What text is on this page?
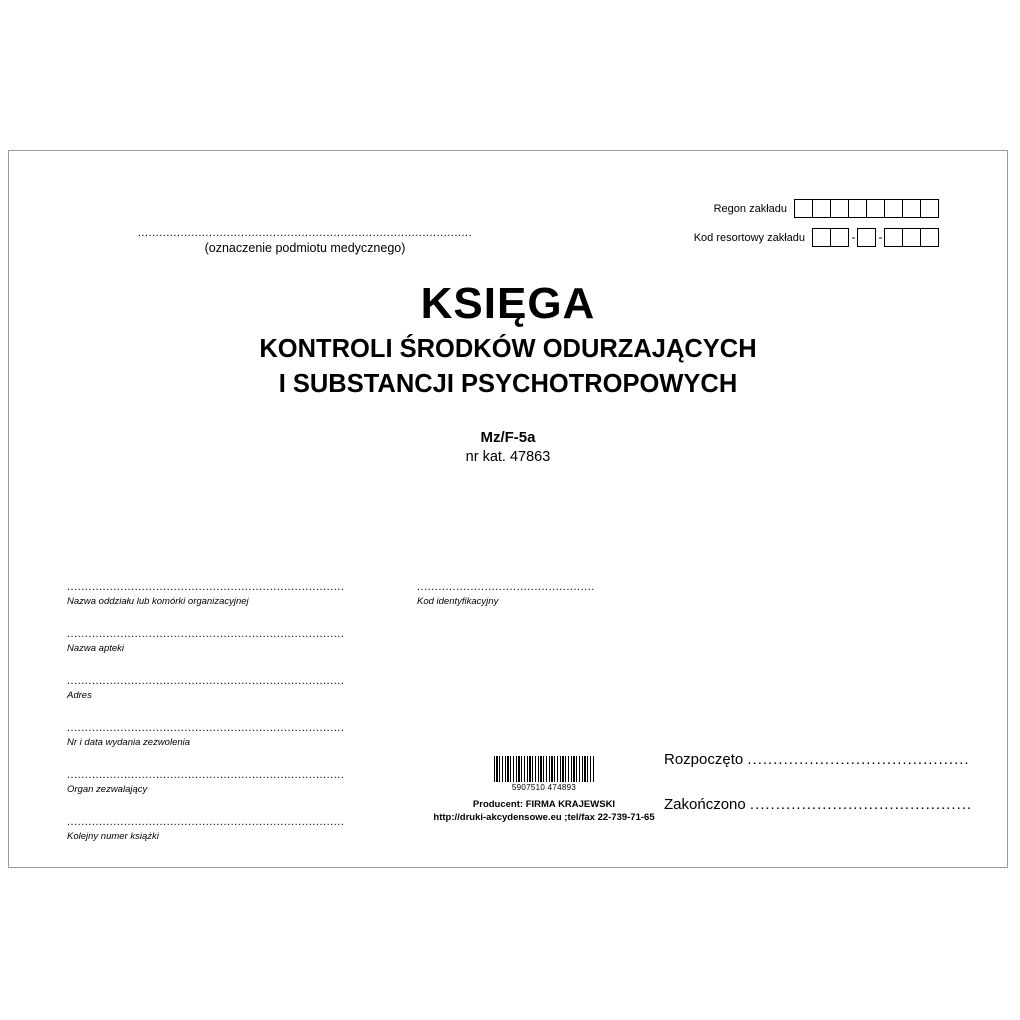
Regon zakładu
Kod resortowy zakładu	- -
..............................................................................................
(oznaczenie podmiotu medycznego)
KSIĘGA
KONTROLI ŚRODKÓW ODURZAJĄCYCH
I SUBSTANCJI PSYCHOTROPOWYCH
Mz/F-5a
nr kat. 47863
..............................................................................
Nazwa oddziału lub komórki organizacyjnej
..............................................................................
Nazwa apteki
..............................................................................
Adres
..............................................................................
Nr i data wydania zezwolenia
..............................................................................
Organ zezwalający
..............................................................................
Kolejny numer książki
..................................................
Kod identyfikacyjny
5907510 474893
Producent: FIRMA KRAJEWSKI
http://druki-akcydensowe.eu ;tel/fax 22-739-71-65
Rozpoczęto ...........................................
Zakończono ...........................................
